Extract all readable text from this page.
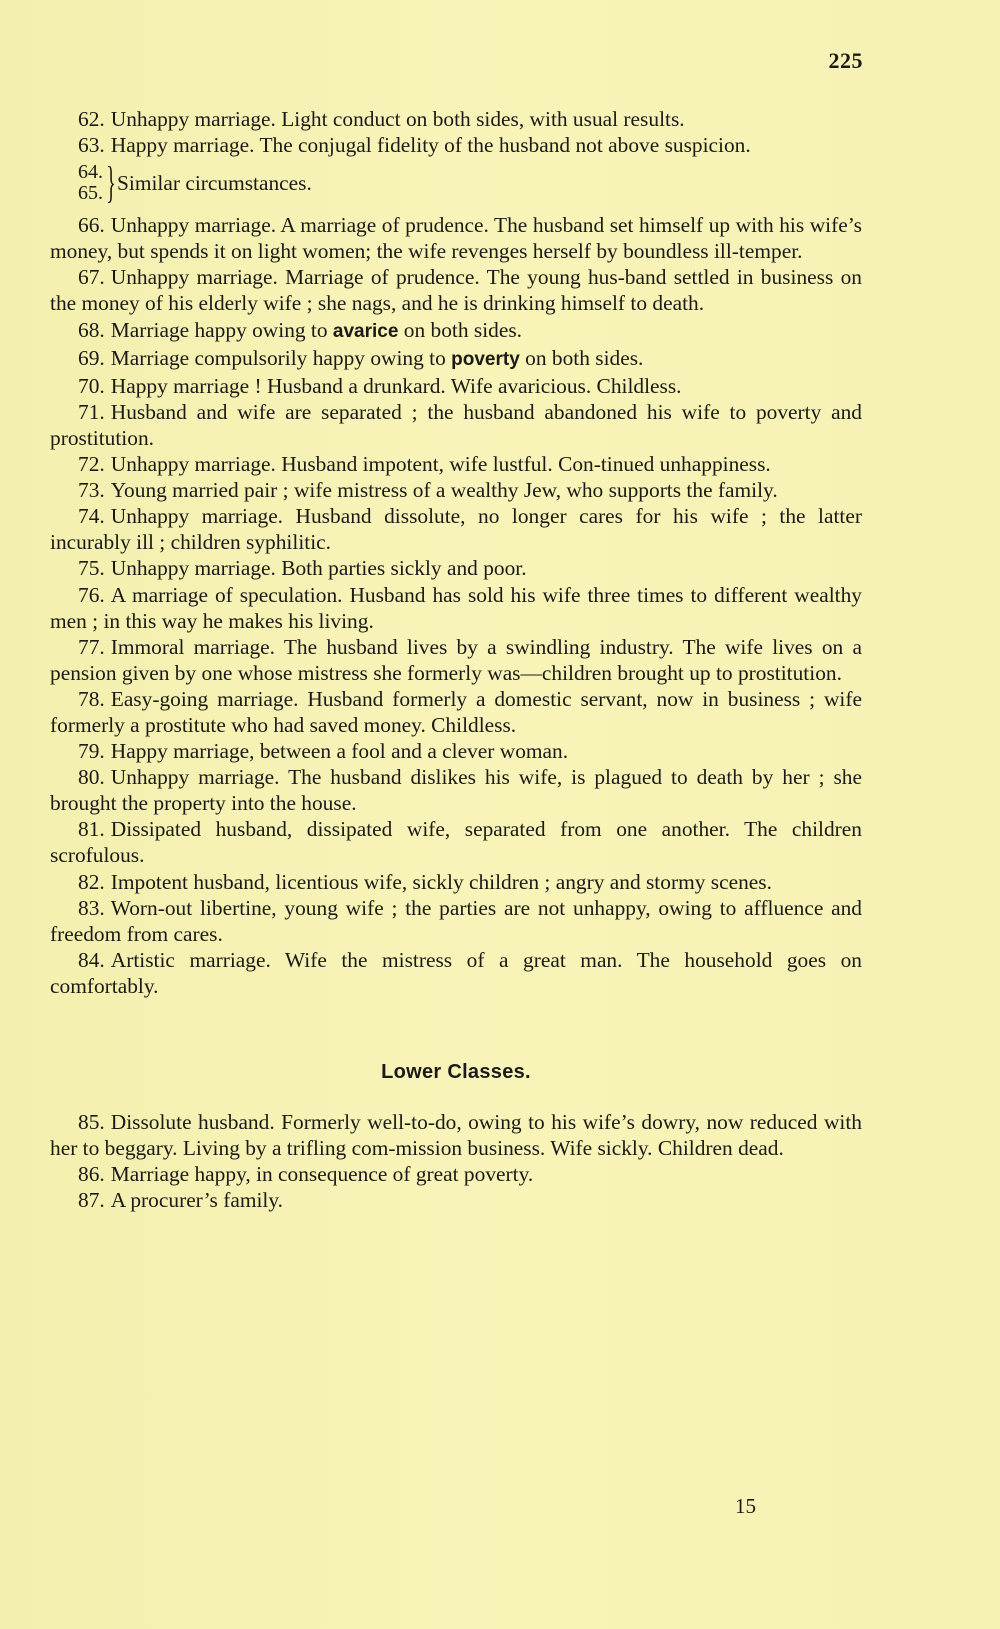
225

62. Unhappy marriage. Light conduct on both sides, with usual results.

63. Happy marriage. The conjugal fidelity of the husband not above suspicion.

64.
65. } Similar circumstances.

66. Unhappy marriage. A marriage of prudence. The husband set himself up with his wife’s money, but spends it on light women; the wife revenges herself by boundless ill-temper.

67. Unhappy marriage. Marriage of prudence. The young hus-band settled in business on the money of his elderly wife ; she nags, and he is drinking himself to death.

68. Marriage happy owing to avarice on both sides.

69. Marriage compulsorily happy owing to poverty on both sides.

70. Happy marriage ! Husband a drunkard. Wife avaricious. Childless.

71. Husband and wife are separated ; the husband abandoned his wife to poverty and prostitution.

72. Unhappy marriage. Husband impotent, wife lustful. Con-tinued unhappiness.

73. Young married pair ; wife mistress of a wealthy Jew, who supports the family.

74. Unhappy marriage. Husband dissolute, no longer cares for his wife ; the latter incurably ill ; children syphilitic.

75. Unhappy marriage. Both parties sickly and poor.

76. A marriage of speculation. Husband has sold his wife three times to different wealthy men ; in this way he makes his living.

77. Immoral marriage. The husband lives by a swindling industry. The wife lives on a pension given by one whose mistress she formerly was—children brought up to prostitution.

78. Easy-going marriage. Husband formerly a domestic servant, now in business ; wife formerly a prostitute who had saved money. Childless.

79. Happy marriage, between a fool and a clever woman.

80. Unhappy marriage. The husband dislikes his wife, is plagued to death by her ; she brought the property into the house.

81. Dissipated husband, dissipated wife, separated from one another. The children scrofulous.

82. Impotent husband, licentious wife, sickly children ; angry and stormy scenes.

83. Worn-out libertine, young wife ; the parties are not unhappy, owing to affluence and freedom from cares.

84. Artistic marriage. Wife the mistress of a great man. The household goes on comfortably.

Lower Classes.

85. Dissolute husband. Formerly well-to-do, owing to his wife’s dowry, now reduced with her to beggary. Living by a trifling com-mission business. Wife sickly. Children dead.

86. Marriage happy, in consequence of great poverty.

87. A procurer’s family.

15
